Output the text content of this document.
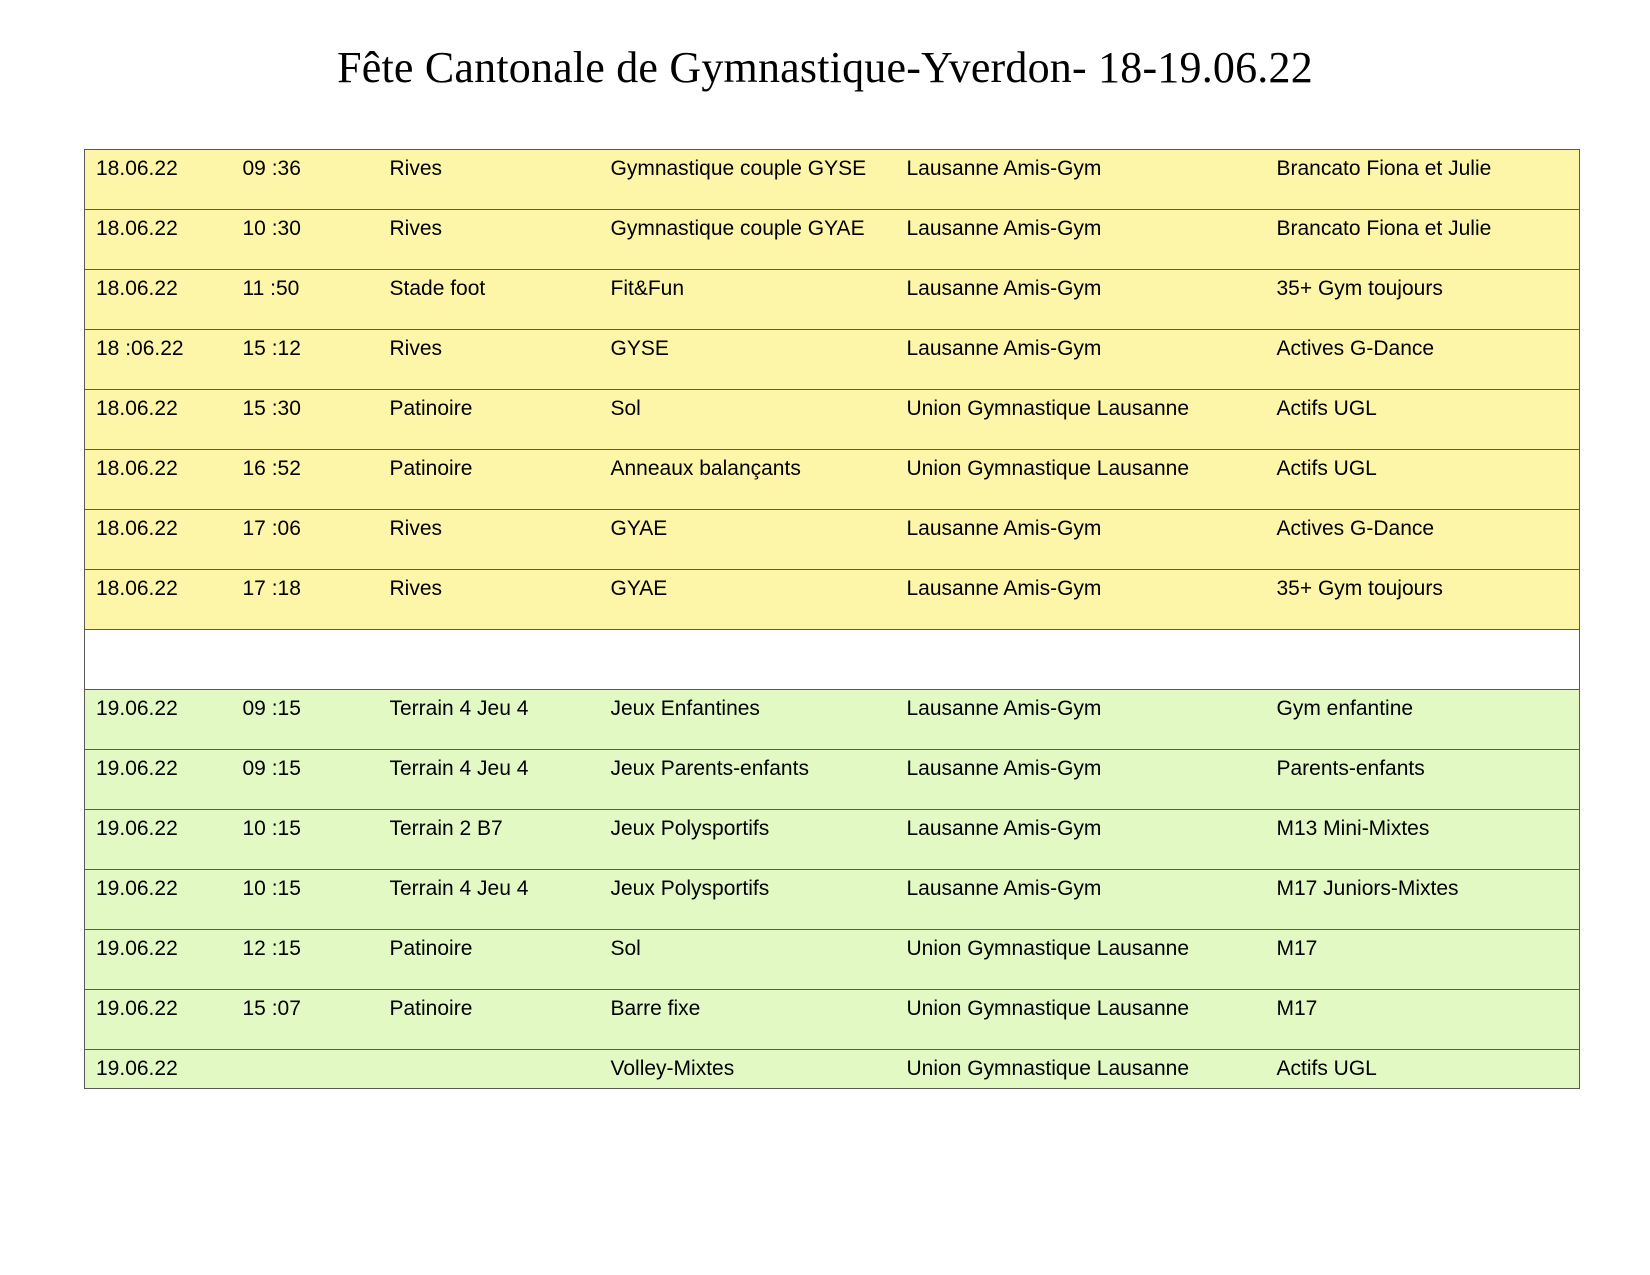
Fête Cantonale de Gymnastique-Yverdon- 18-19.06.22
18.06.22	09 :36	Rives	Gymnastique couple GYSE	Lausanne Amis-Gym	Brancato Fiona et Julie
18.06.22	10 :30	Rives	Gymnastique couple GYAE	Lausanne Amis-Gym	Brancato Fiona et Julie
18.06.22	11 :50	Stade foot	Fit&Fun	Lausanne Amis-Gym	35+ Gym toujours
18 :06.22	15 :12	Rives	GYSE	Lausanne Amis-Gym	Actives G-Dance
18.06.22	15 :30	Patinoire	Sol	Union Gymnastique Lausanne	Actifs UGL
18.06.22	16 :52	Patinoire	Anneaux balançants	Union Gymnastique Lausanne	Actifs UGL
18.06.22	17 :06	Rives	GYAE	Lausanne Amis-Gym	Actives G-Dance
18.06.22	17 :18	Rives	GYAE	Lausanne Amis-Gym	35+ Gym toujours

19.06.22	09 :15	Terrain 4 Jeu 4	Jeux Enfantines	Lausanne Amis-Gym	Gym enfantine
19.06.22	09 :15	Terrain 4 Jeu 4	Jeux Parents-enfants	Lausanne Amis-Gym	Parents-enfants
19.06.22	10 :15	Terrain 2 B7	Jeux Polysportifs	Lausanne Amis-Gym	M13 Mini-Mixtes
19.06.22	10 :15	Terrain 4 Jeu 4	Jeux Polysportifs	Lausanne Amis-Gym	M17 Juniors-Mixtes
19.06.22	12 :15	Patinoire	Sol	Union Gymnastique Lausanne	M17
19.06.22	15 :07	Patinoire	Barre fixe	Union Gymnastique Lausanne	M17
19.06.22			Volley-Mixtes	Union Gymnastique Lausanne	Actifs UGL
